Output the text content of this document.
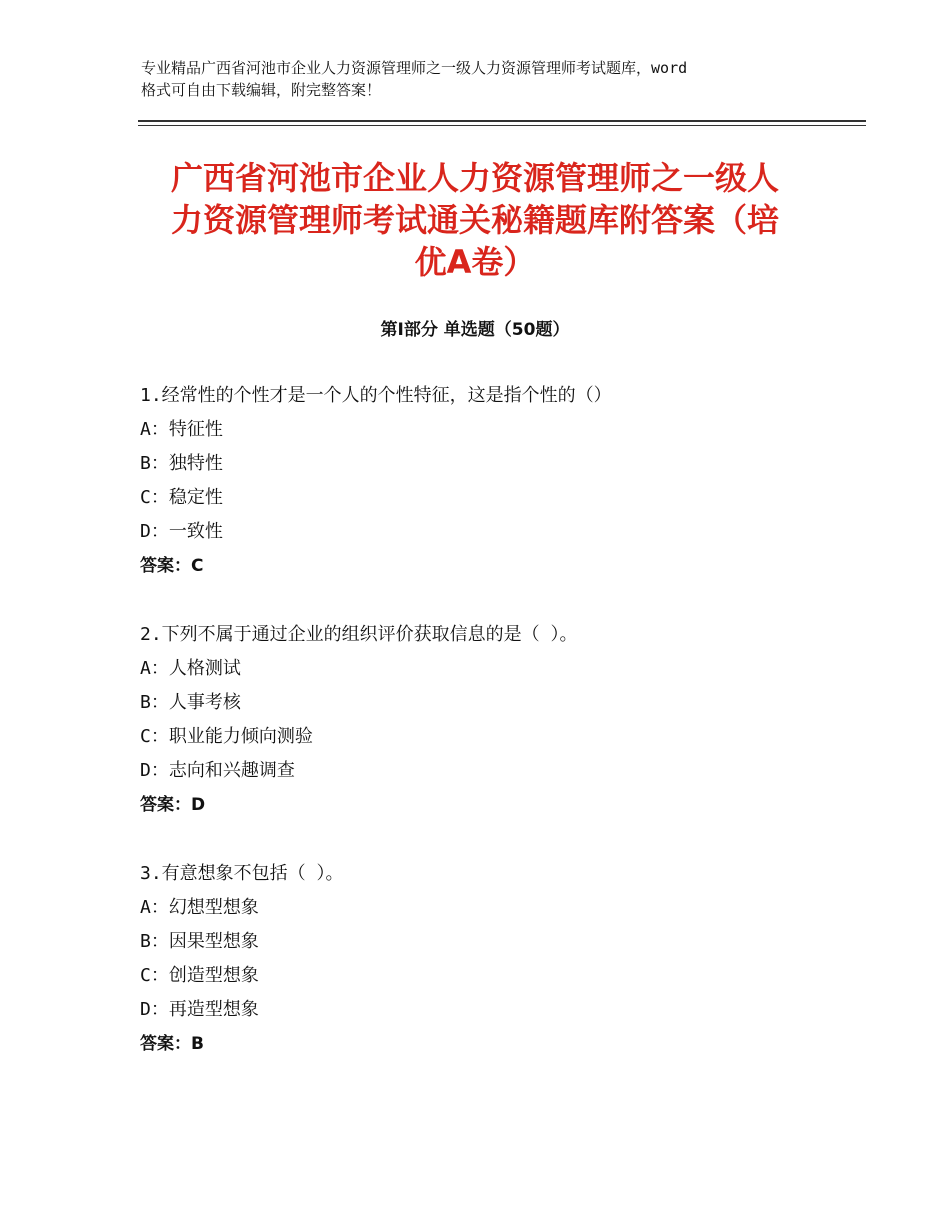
专业精品广西省河池市企业人力资源管理师之一级人力资源管理师考试题库，word
格式可自由下载编辑，附完整答案！
广西省河池市企业人力资源管理师之一级人
力资源管理师考试通关秘籍题库附答案（培
优A卷）
第I部分 单选题（50题）
1.经常性的个性才是一个人的个性特征，这是指个性的（）
A：特征性
B：独特性
C：稳定性
D：一致性
答案：C
2.下列不属于通过企业的组织评价获取信息的是（ ）。
A：人格测试
B：人事考核
C：职业能力倾向测验
D：志向和兴趣调查
答案：D
3.有意想象不包括（ ）。
A：幻想型想象
B：因果型想象
C：创造型想象
D：再造型想象
答案：B
